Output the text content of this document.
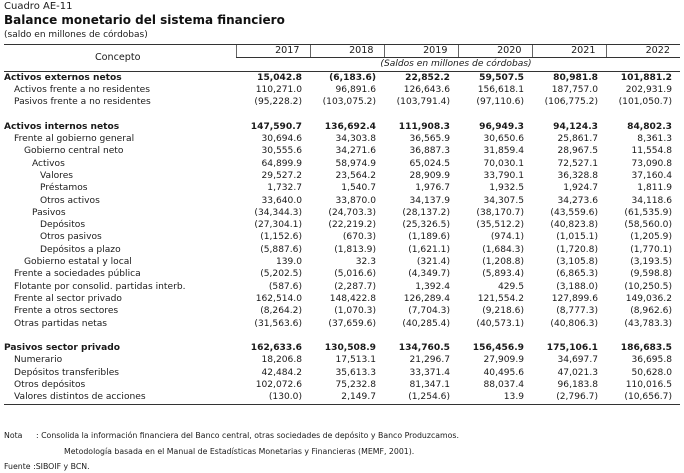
Cuadro AE-11
Balance monetario del sistema financiero
(saldo en millones de córdobas)
Concepto	2017	2018	2019	2020	2021	2022
	(Saldos en millones de córdobas)					
Activos externos netos	15,042.8	(6,183.6)	22,852.2	59,507.5	80,981.8	101,881.2
Activos frente a no residentes	110,271.0	96,891.6	126,643.6	156,618.1	187,757.0	202,931.9
Pasivos frente a no residentes	(95,228.2)	(103,075.2)	(103,791.4)	(97,110.6)	(106,775.2)	(101,050.7)

Activos internos netos	147,590.7	136,692.4	111,908.3	96,949.3	94,124.3	84,802.3
Frente al gobierno general	30,694.6	34,303.8	36,565.9	30,650.6	25,861.7	8,361.3
Gobierno central neto	30,555.6	34,271.6	36,887.3	31,859.4	28,967.5	11,554.8
Activos	64,899.9	58,974.9	65,024.5	70,030.1	72,527.1	73,090.8
Valores	29,527.2	23,564.2	28,909.9	33,790.1	36,328.8	37,160.4
Préstamos	1,732.7	1,540.7	1,976.7	1,932.5	1,924.7	1,811.9
Otros activos	33,640.0	33,870.0	34,137.9	34,307.5	34,273.6	34,118.6
Pasivos	(34,344.3)	(24,703.3)	(28,137.2)	(38,170.7)	(43,559.6)	(61,535.9)
Depósitos	(27,304.1)	(22,219.2)	(25,326.5)	(35,512.2)	(40,823.8)	(58,560.0)
Otros pasivos	(1,152.6)	(670.3)	(1,189.6)	(974.1)	(1,015.1)	(1,205.9)
Depósitos a plazo	(5,887.6)	(1,813.9)	(1,621.1)	(1,684.3)	(1,720.8)	(1,770.1)
Gobierno estatal y local	139.0	32.3	(321.4)	(1,208.8)	(3,105.8)	(3,193.5)
Frente a sociedades pública	(5,202.5)	(5,016.6)	(4,349.7)	(5,893.4)	(6,865.3)	(9,598.8)
Flotante por consolid. partidas interb.	(587.6)	(2,287.7)	1,392.4	429.5	(3,188.0)	(10,250.5)
Frente al sector privado	162,514.0	148,422.8	126,289.4	121,554.2	127,899.6	149,036.2
Frente a otros sectores	(8,264.2)	(1,070.3)	(7,704.3)	(9,218.6)	(8,777.3)	(8,962.6)
Otras partidas netas	(31,563.6)	(37,659.6)	(40,285.4)	(40,573.1)	(40,806.3)	(43,783.3)

Pasivos sector privado	162,633.6	130,508.9	134,760.5	156,456.9	175,106.1	186,683.5
Numerario	18,206.8	17,513.1	21,296.7	27,909.9	34,697.7	36,695.8
Depósitos transferibles	42,484.2	35,613.3	33,371.4	40,495.6	47,021.3	50,628.0
Otros depósitos	102,072.6	75,232.8	81,347.1	88,037.4	96,183.8	110,016.5
Valores distintos de acciones	(130.0)	2,149.7	(1,254.6)	13.9	(2,796.7)	(10,656.7)
Nota : Consolida la información financiera del Banco central, otras sociedades de depósito y Banco Produzcamos.
Metodología basada en el Manual de Estadísticas Monetarias y Financieras (MEMF, 2001).
Fuente :SIBOIF y BCN.
